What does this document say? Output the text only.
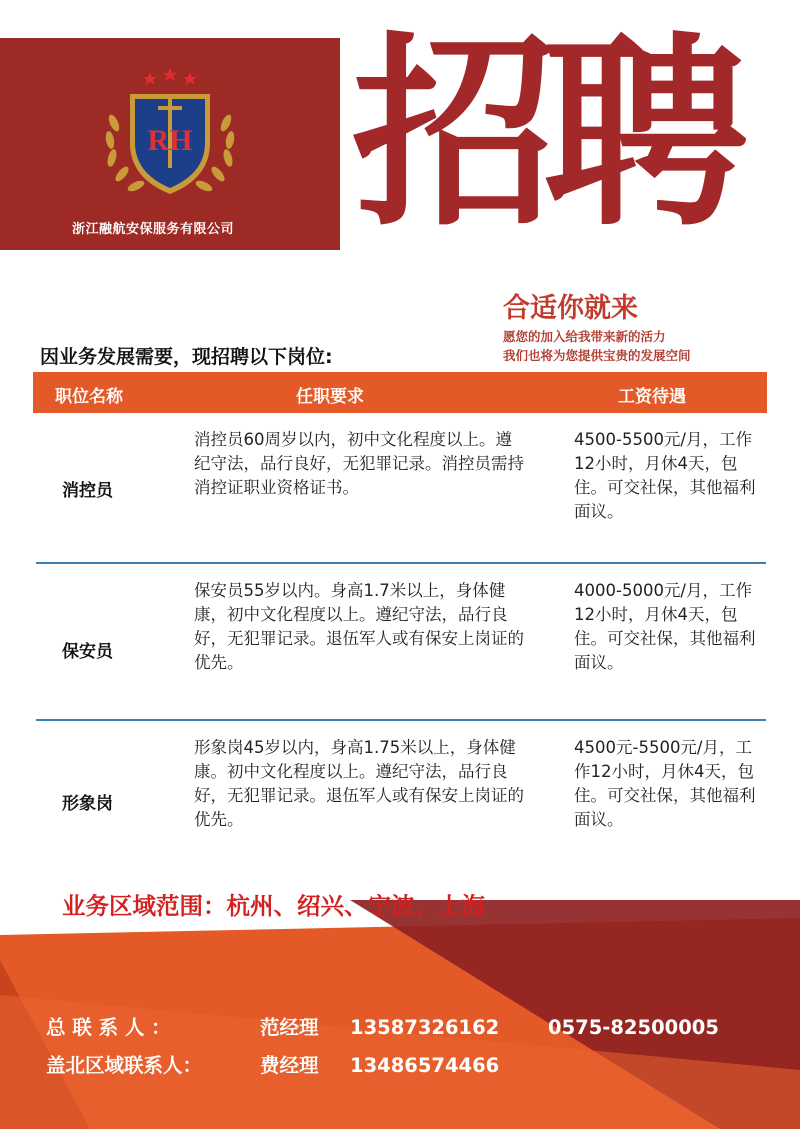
RH
浙江融航安保服务有限公司 招聘
合适你就来
愿您的加入给我带来新的活力
我们也将为您提供宝贵的发展空间
因业务发展需要，现招聘以下岗位:
职位名称	任职要求	工资待遇
消控员
消控员60周岁以内，初中文化程度以上。遵纪守法，品行良好，无犯罪记录。消控员需持消控证职业资格证书。
4500-5500元/月，工作12小时，月休4天，包住。可交社保，其他福利面议。
保安员
保安员55岁以内。身高1.7米以上，身体健康，初中文化程度以上。遵纪守法，品行良好，无犯罪记录。退伍军人或有保安上岗证的优先。
4000-5000元/月，工作12小时，月休4天，包住。可交社保，其他福利面议。
形象岗
形象岗45岁以内，身高1.75米以上，身体健康。初中文化程度以上。遵纪守法，品行良好，无犯罪记录。退伍军人或有保安上岗证的优先。
4500元-5500元/月，工作12小时，月休4天，包住。可交社保，其他福利面议。
业务区域范围：杭州、绍兴、宁波、上海
总 联 系 人 ：	范经理 13587326162	0575-82500005
盖北区域联系人：	费经理 13486574466
